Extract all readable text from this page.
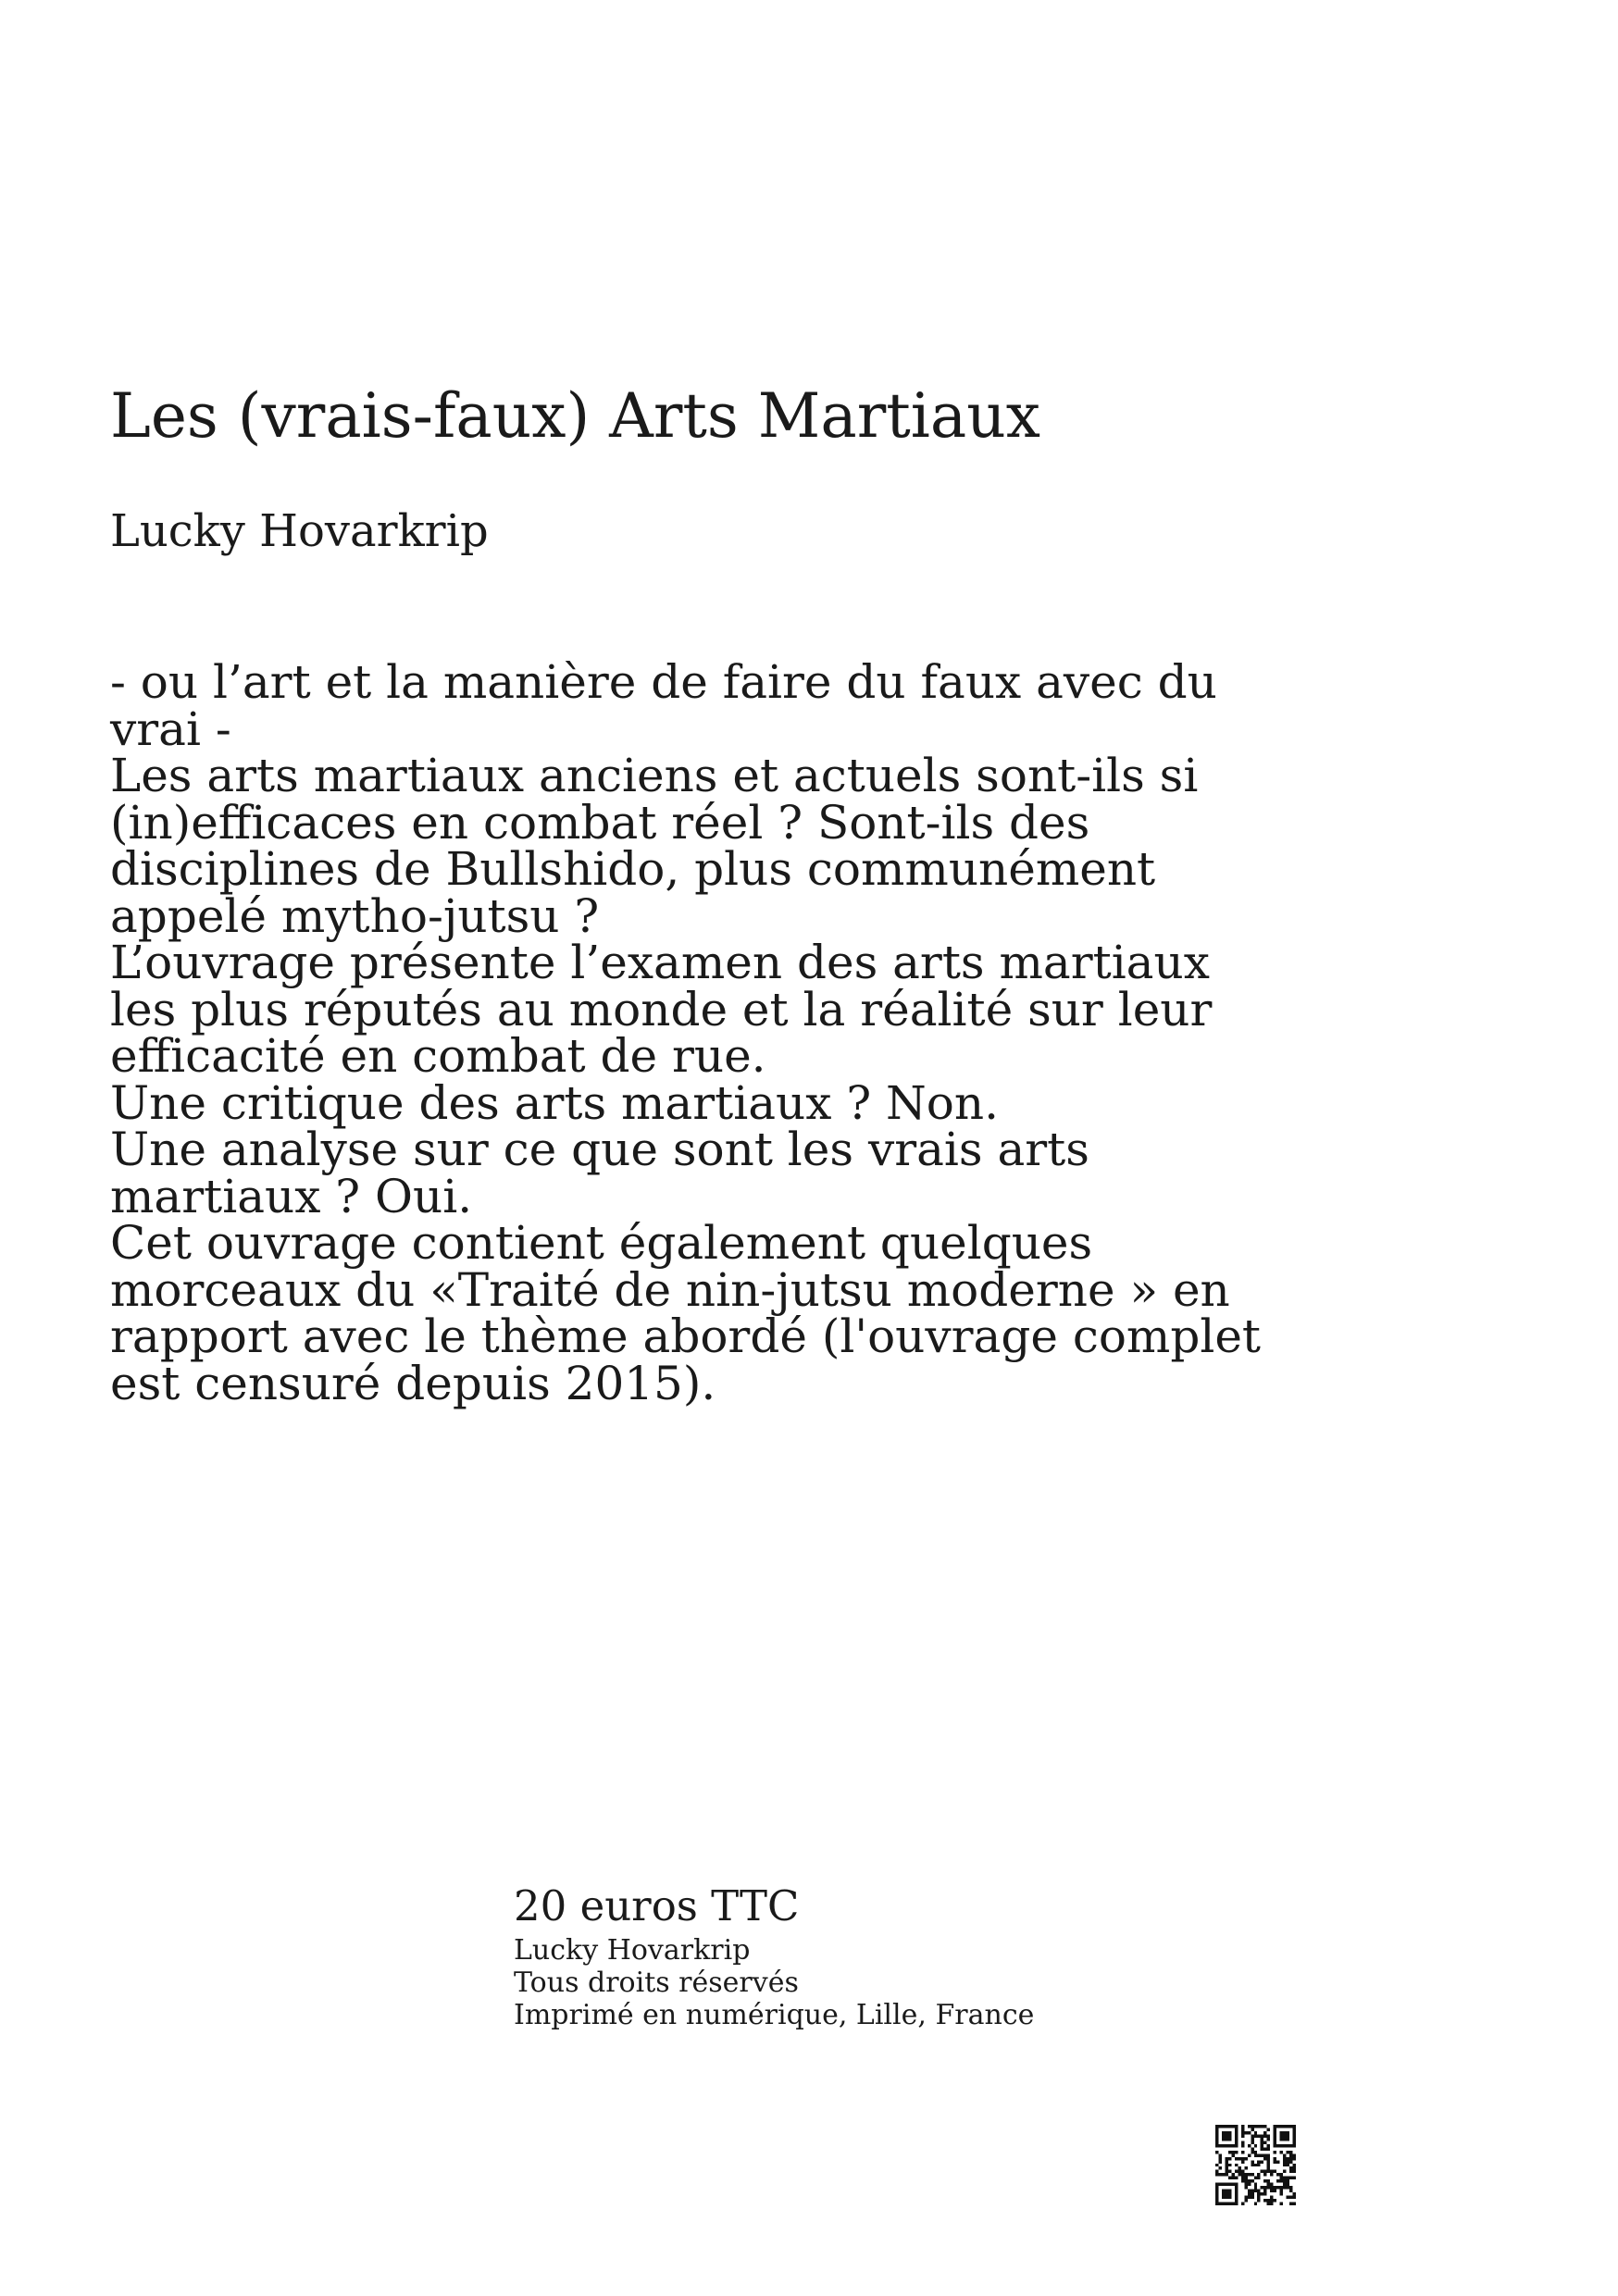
Les (vrais-faux) Arts Martiaux
Lucky Hovarkrip

- ou l’art et la manière de faire du faux avec du vrai -

Les arts martiaux anciens et actuels sont-ils si (in)efficaces en combat réel ? Sont-ils des disciplines de Bullshido, plus communément appelé mytho-jutsu ?

L’ouvrage présente l’examen des arts martiaux les plus réputés au monde et la réalité sur leur efficacité en combat de rue.

Une critique des arts martiaux ? Non.

Une analyse sur ce que sont les vrais arts martiaux ? Oui.

Cet ouvrage contient également quelques morceaux du «Traité de nin-jutsu moderne » en rapport avec le thème abordé (l'ouvrage complet est censuré depuis 2015).

20 euros TTC
Lucky Hovarkrip
Tous droits réservés
Imprimé en numérique, Lille, France
